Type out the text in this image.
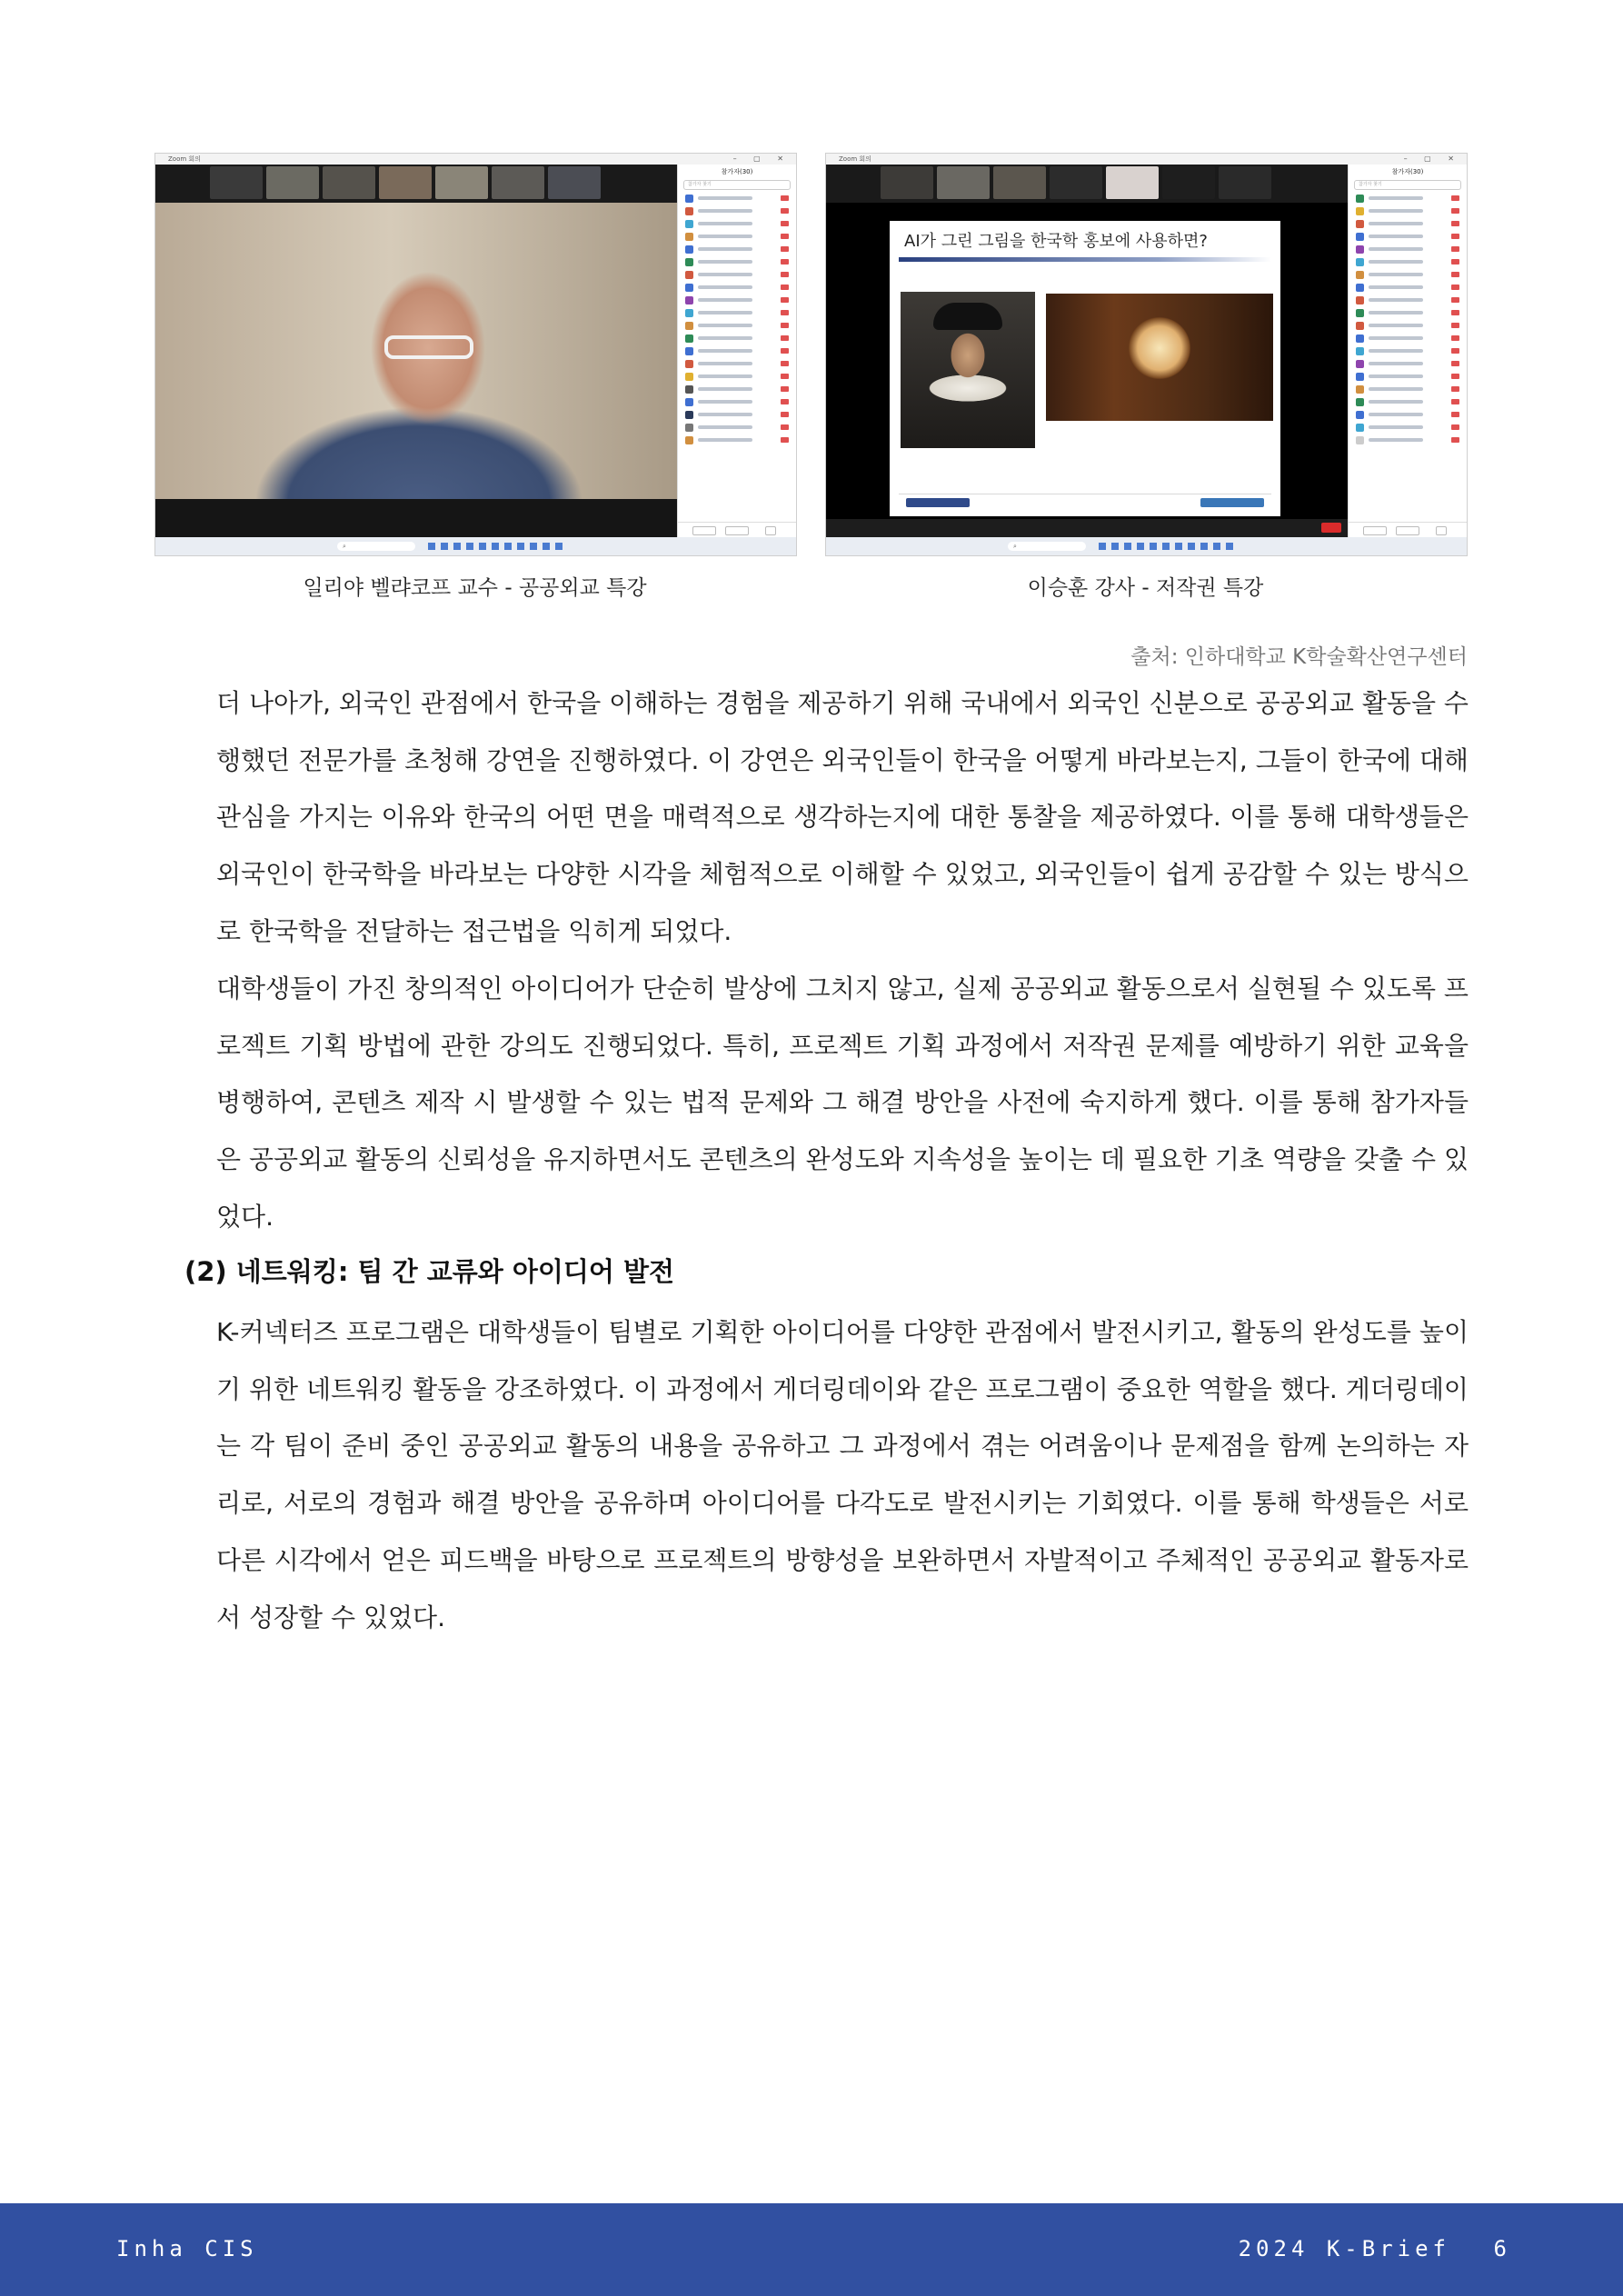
Zoom 회의	– ▢ ✕
참가자(30)
참가자 찾기
⌕
Zoom 회의	– ▢ ✕
AI가 그린 그림을 한국학 홍보에 사용하면?
참가자(30)
참가자 찾기
⌕
일리야 벨랴코프 교수 - 공공외교 특강	이승훈 강사 - 저작권 특강
출처: 인하대학교 K학술확산연구센터

더 나아가, 외국인 관점에서 한국을 이해하는 경험을 제공하기 위해 국내에서 외국인 신분으로 공공외교 활동을 수행했던 전문가를 초청해 강연을 진행하였다. 이 강연은 외국인들이 한국을 어떻게 바라보는지, 그들이 한국에 대해 관심을 가지는 이유와 한국의 어떤 면을 매력적으로 생각하는지에 대한 통찰을 제공하였다. 이를 통해 대학생들은 외국인이 한국학을 바라보는 다양한 시각을 체험적으로 이해할 수 있었고, 외국인들이 쉽게 공감할 수 있는 방식으로 한국학을 전달하는 접근법을 익히게 되었다.

대학생들이 가진 창의적인 아이디어가 단순히 발상에 그치지 않고, 실제 공공외교 활동으로서 실현될 수 있도록 프로젝트 기획 방법에 관한 강의도 진행되었다. 특히, 프로젝트 기획 과정에서 저작권 문제를 예방하기 위한 교육을 병행하여, 콘텐츠 제작 시 발생할 수 있는 법적 문제와 그 해결 방안을 사전에 숙지하게 했다. 이를 통해 참가자들은 공공외교 활동의 신뢰성을 유지하면서도 콘텐츠의 완성도와 지속성을 높이는 데 필요한 기초 역량을 갖출 수 있었다.

(2) 네트워킹: 팀 간 교류와 아이디어 발전

K-커넥터즈 프로그램은 대학생들이 팀별로 기획한 아이디어를 다양한 관점에서 발전시키고, 활동의 완성도를 높이기 위한 네트워킹 활동을 강조하였다. 이 과정에서 게더링데이와 같은 프로그램이 중요한 역할을 했다. 게더링데이는 각 팀이 준비 중인 공공외교 활동의 내용을 공유하고 그 과정에서 겪는 어려움이나 문제점을 함께 논의하는 자리로, 서로의 경험과 해결 방안을 공유하며 아이디어를 다각도로 발전시키는 기회였다. 이를 통해 학생들은 서로 다른 시각에서 얻은 피드백을 바탕으로 프로젝트의 방향성을 보완하면서 자발적이고 주체적인 공공외교 활동자로서 성장할 수 있었다.

Inha CIS	2024 K-Brief 6
